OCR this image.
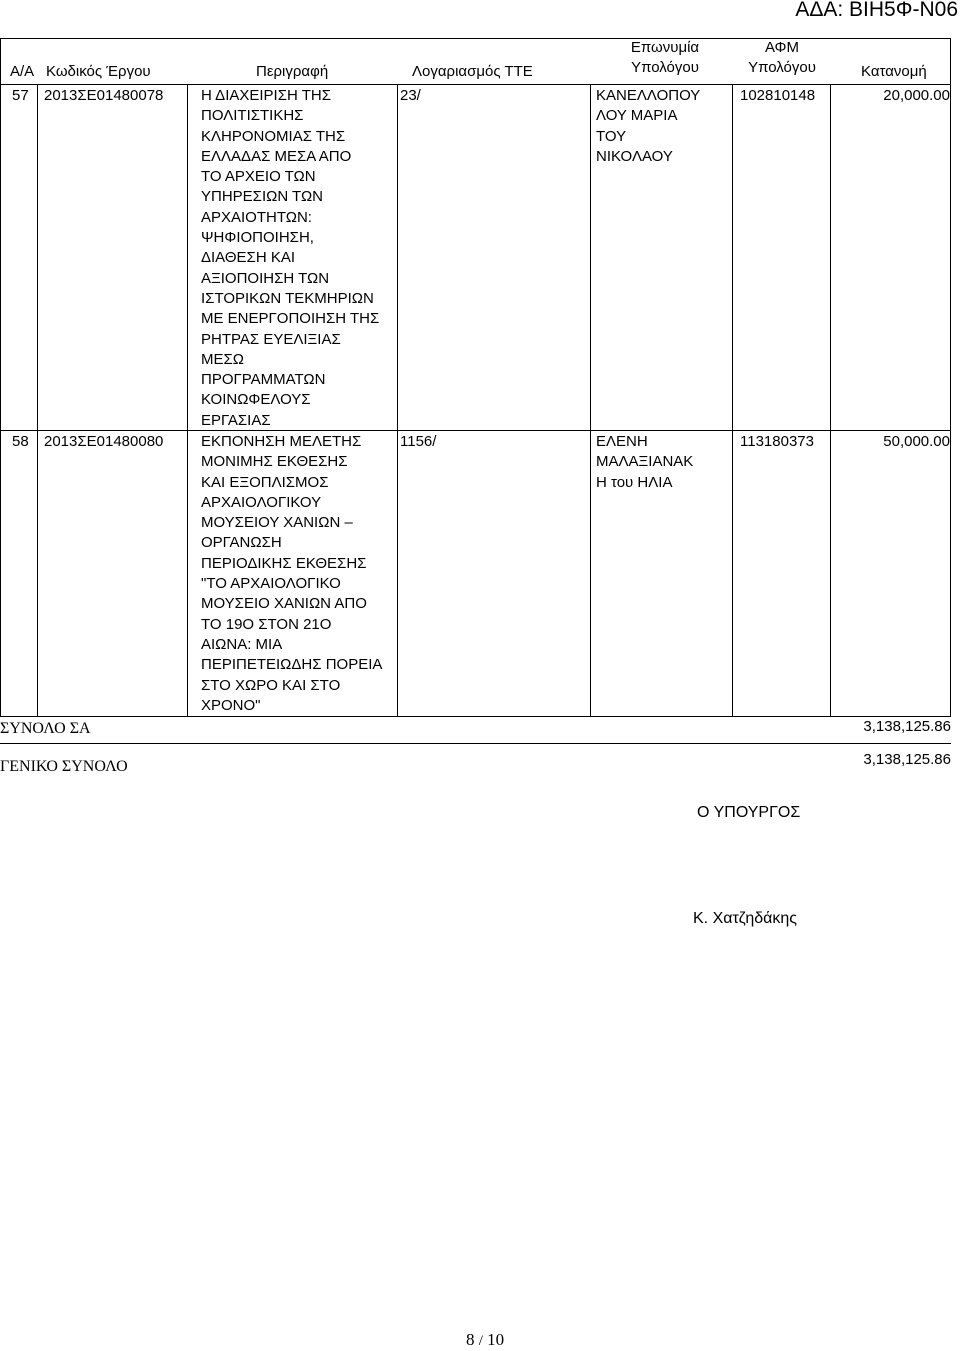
ΑΔΑ: ΒΙΗ5Φ-Ν06
Α/Α Κωδικός Έργου	Περιγραφή	Λογαριασμός ΤΤΕ
Επωνυμία
Υπολόγου
ΑΦΜ
Υπολόγου	Κατανομή
57 2013ΣΕ01480078	Η ΔΙΑΧΕΙΡΙΣΗ ΤΗΣ
ΠΟΛΙΤΙΣΤΙΚΗΣ
ΚΛΗΡΟΝΟΜΙΑΣ ΤΗΣ
ΕΛΛΑΔΑΣ ΜΕΣΑ ΑΠΟ
ΤΟ ΑΡΧΕΙΟ ΤΩΝ
ΥΠΗΡΕΣΙΩΝ ΤΩΝ
ΑΡΧΑΙΟΤΗΤΩΝ:
ΨΗΦΙΟΠΟΙΗΣΗ,
ΔΙΑΘΕΣΗ ΚΑΙ
ΑΞΙΟΠΟΙΗΣΗ ΤΩΝ
ΙΣΤΟΡΙΚΩΝ ΤΕΚΜΗΡΙΩΝ
ΜΕ ΕΝΕΡΓΟΠΟΙΗΣΗ ΤΗΣ
ΡΗΤΡΑΣ ΕΥΕΛΙΞΙΑΣ
ΜΕΣΩ
ΠΡΟΓΡΑΜΜΑΤΩΝ
ΚΟΙΝΩΦΕΛΟΥΣ
ΕΡΓΑΣΙΑΣ
23/	ΚΑΝΕΛΛΟΠΟΥ
ΛΟΥ ΜΑΡΙΑ
ΤΟΥ
ΝΙΚΟΛΑΟΥ
102810148	20,000.00
58 2013ΣΕ01480080	ΕΚΠΟΝΗΣΗ ΜΕΛΕΤΗΣ
ΜΟΝΙΜΗΣ ΕΚΘΕΣΗΣ
ΚΑΙ ΕΞΟΠΛΙΣΜΟΣ
ΑΡΧΑΙΟΛΟΓΙΚΟΥ
ΜΟΥΣΕΙΟΥ ΧΑΝΙΩΝ –
ΟΡΓΑΝΩΣΗ
ΠΕΡΙΟΔΙΚΗΣ ΕΚΘΕΣΗΣ
"ΤΟ ΑΡΧΑΙΟΛΟΓΙΚΟ
ΜΟΥΣΕΙΟ ΧΑΝΙΩΝ ΑΠΟ
ΤΟ 19Ο ΣΤΟΝ 21Ο
ΑΙΩΝΑ: ΜΙΑ
ΠΕΡΙΠΕΤΕΙΩΔΗΣ ΠΟΡΕΙΑ
ΣΤΟ ΧΩΡΟ ΚΑΙ ΣΤΟ
ΧΡΟΝΟ"
1156/	ΕΛΕΝΗ
ΜΑΛΑΞΙΑΝΑΚ
Η του ΗΛΙΑ
113180373	50,000.00
ΣΥΝΟΛΟ ΣΑ	3,138,125.86
ΓΕΝΙΚΟ ΣΥΝΟΛΟ	3,138,125.86
Ο ΥΠΟΥΡΓΟΣ
Κ. Χατζηδάκης
8 / 10
